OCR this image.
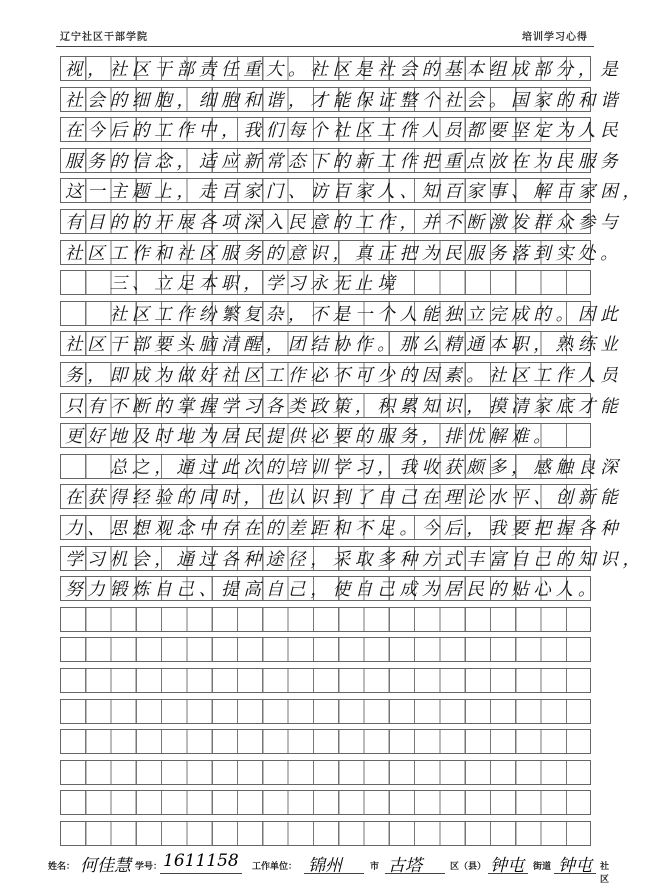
辽宁社区干部学院	培训学习心得
视，社区干部责任重大。社区是社会的基本组成部分，是
社会的细胞，细胞和谐，才能保证整个社会。国家的和谐
在今后的工作中，我们每个社区工作人员都要坚定为人民
服务的信念，适应新常态下的新工作把重点放在为民服务
这一主题上，走百家门、访百家人、知百家事、解百家困，
有目的的开展各项深入民意的工作，并不断激发群众参与
社区工作和社区服务的意识，真正把为民服务落到实处。
　　三、立足本职，学习永无止境
　　社区工作纷繁复杂，不是一个人能独立完成的。因此
社区干部要头脑清醒，团结协作。那么精通本职，熟练业
务，即成为做好社区工作必不可少的因素。社区工作人员
只有不断的掌握学习各类政策，积累知识，摸清家底才能
更好地及时地为居民提供必要的服务，排忧解难。
　　总之，通过此次的培训学习，我收获颇多，感触良深
在获得经验的同时，也认识到了自己在理论水平、创新能
力、思想观念中存在的差距和不足。今后，我要把握各种
学习机会，通过各种途径，采取多种方式丰富自己的知识，
努力锻炼自己、提高自己，使自己成为居民的贴心人。
姓名： 何佳慧 学号： 1611158 工作单位： 锦州	市 古塔	区（县） 钟屯 街道 钟屯 社区
